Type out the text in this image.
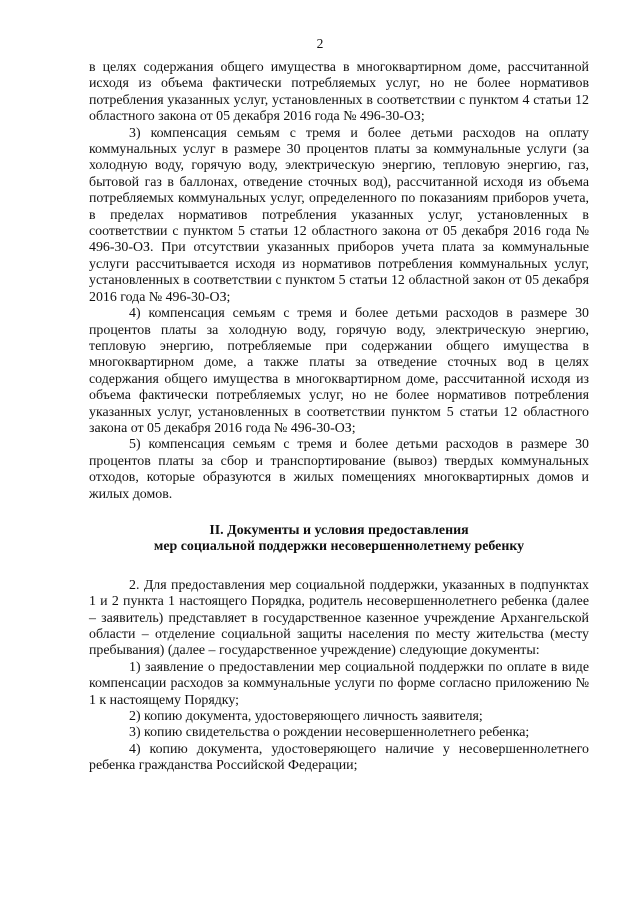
2

в целях содержания общего имущества в многоквартирном доме, рассчитанной исходя из объема фактически потребляемых услуг, но не более нормативов потребления указанных услуг, установленных в соответствии с пунктом 4 статьи 12 областного закона от 05 декабря 2016 года № 496-30-ОЗ;

3) компенсация семьям с тремя и более детьми расходов на оплату коммунальных услуг в размере 30 процентов платы за коммунальные услуги (за холодную воду, горячую воду, электрическую энергию, тепловую энергию, газ, бытовой газ в баллонах, отведение сточных вод), рассчитанной исходя из объема потребляемых коммунальных услуг, определенного по показаниям приборов учета, в пределах нормативов потребления указанных услуг, установленных в соответствии с пунктом 5 статьи 12 областного закона от 05 декабря 2016 года № 496-30-ОЗ. При отсутствии указанных приборов учета плата за коммунальные услуги рассчитывается исходя из нормативов потребления коммунальных услуг, установленных в соответствии с пунктом 5 статьи 12 областной закон от 05 декабря 2016 года № 496-30-ОЗ;

4) компенсация семьям с тремя и более детьми расходов в размере 30 процентов платы за холодную воду, горячую воду, электрическую энергию, тепловую энергию, потребляемые при содержании общего имущества в многоквартирном доме, а также платы за отведение сточных вод в целях содержания общего имущества в многоквартирном доме, рассчитанной исходя из объема фактически потребляемых услуг, но не более нормативов потребления указанных услуг, установленных в соответствии пунктом 5 статьи 12 областного закона от 05 декабря 2016 года № 496-30-ОЗ;

5) компенсация семьям с тремя и более детьми расходов в размере 30 процентов платы за сбор и транспортирование (вывоз) твердых коммунальных отходов, которые образуются в жилых помещениях многоквартирных домов и жилых домов.

II. Документы и условия предоставления
мер социальной поддержки несовершеннолетнему ребенку

2. Для предоставления мер социальной поддержки, указанных в подпунктах 1 и 2 пункта 1 настоящего Порядка, родитель несовершеннолетнего ребенка (далее – заявитель) представляет в государственное казенное учреждение Архангельской области – отделение социальной защиты населения по месту жительства (месту пребывания) (далее – государственное учреждение) следующие документы:

1) заявление о предоставлении мер социальной поддержки по оплате в виде компенсации расходов за коммунальные услуги по форме согласно приложению № 1 к настоящему Порядку;

2) копию документа, удостоверяющего личность заявителя;

3) копию свидетельства о рождении несовершеннолетнего ребенка;

4) копию документа, удостоверяющего наличие у несовершеннолетнего ребенка гражданства Российской Федерации;
